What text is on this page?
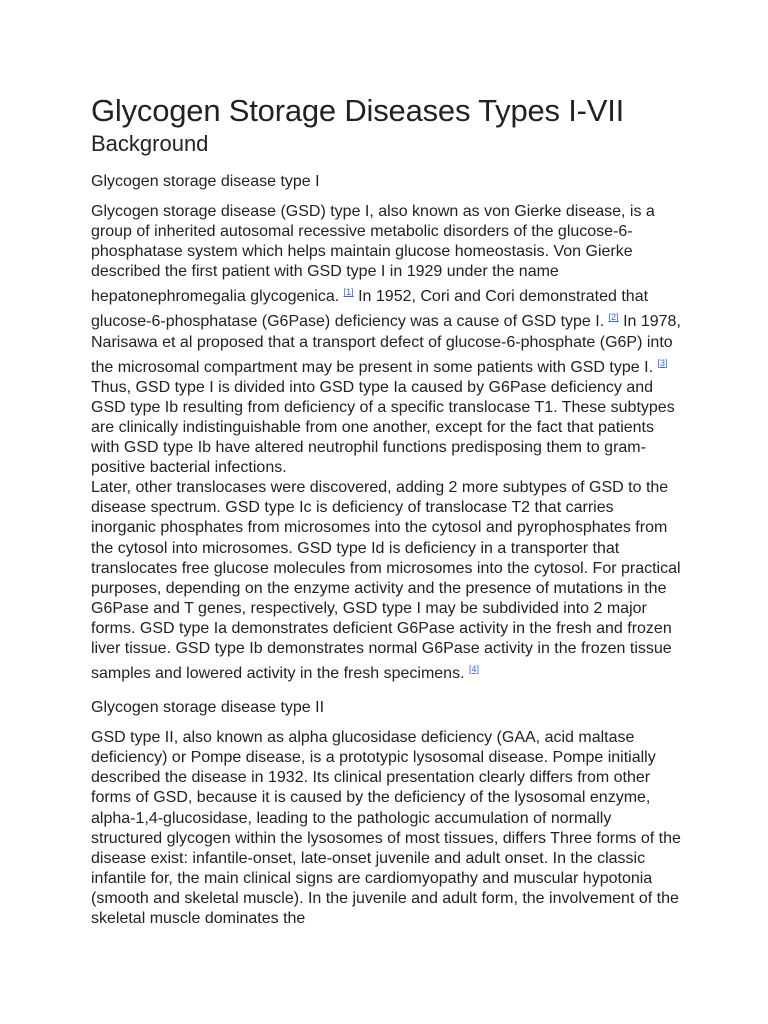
Glycogen Storage Diseases Types I-VII
Background
Glycogen storage disease type I

Glycogen storage disease (GSD) type I, also known as von Gierke disease, is a group of inherited autosomal recessive metabolic disorders of the glucose-6- phosphatase system which helps maintain glucose homeostasis. Von Gierke described the first patient with GSD type I in 1929 under the name hepatonephromegalia glycogenica. [1] In 1952, Cori and Cori demonstrated that glucose-6-phosphatase (G6Pase) deficiency was a cause of GSD type I. [2] In 1978, Narisawa et al proposed that a transport defect of glucose-6-phosphate (G6P) into the microsomal compartment may be present in some patients with GSD type I. [3] Thus, GSD type I is divided into GSD type Ia caused by G6Pase deficiency and GSD type Ib resulting from deficiency of a specific translocase T1. These subtypes are clinically indistinguishable from one another, except for the fact that patients with GSD type Ib have altered neutrophil functions predisposing them to gram-positive bacterial infections.

Later, other translocases were discovered, adding 2 more subtypes of GSD to the disease spectrum. GSD type Ic is deficiency of translocase T2 that carries inorganic phosphates from microsomes into the cytosol and pyrophosphates from the cytosol into microsomes. GSD type Id is deficiency in a transporter that translocates free glucose molecules from microsomes into the cytosol. For practical purposes, depending on the enzyme activity and the presence of mutations in the G6Pase and T genes, respectively, GSD type I may be subdivided into 2 major forms. GSD type Ia demonstrates deficient G6Pase activity in the fresh and frozen liver tissue. GSD type Ib demonstrates normal G6Pase activity in the frozen tissue samples and lowered activity in the fresh specimens. [4]

Glycogen storage disease type II

GSD type II, also known as alpha glucosidase deficiency (GAA, acid maltase deficiency) or Pompe disease, is a prototypic lysosomal disease. Pompe initially described the disease in 1932. Its clinical presentation clearly differs from other forms of GSD, because it is caused by the deficiency of the lysosomal enzyme, alpha-1,4-glucosidase, leading to the pathologic accumulation of normally structured glycogen within the lysosomes of most tissues, differs Three forms of the disease exist: infantile-onset, late-onset juvenile and adult onset. In the classic infantile for, the main clinical signs are cardiomyopathy and muscular hypotonia (smooth and skeletal muscle). In the juvenile and adult form, the involvement of the skeletal muscle dominates the
